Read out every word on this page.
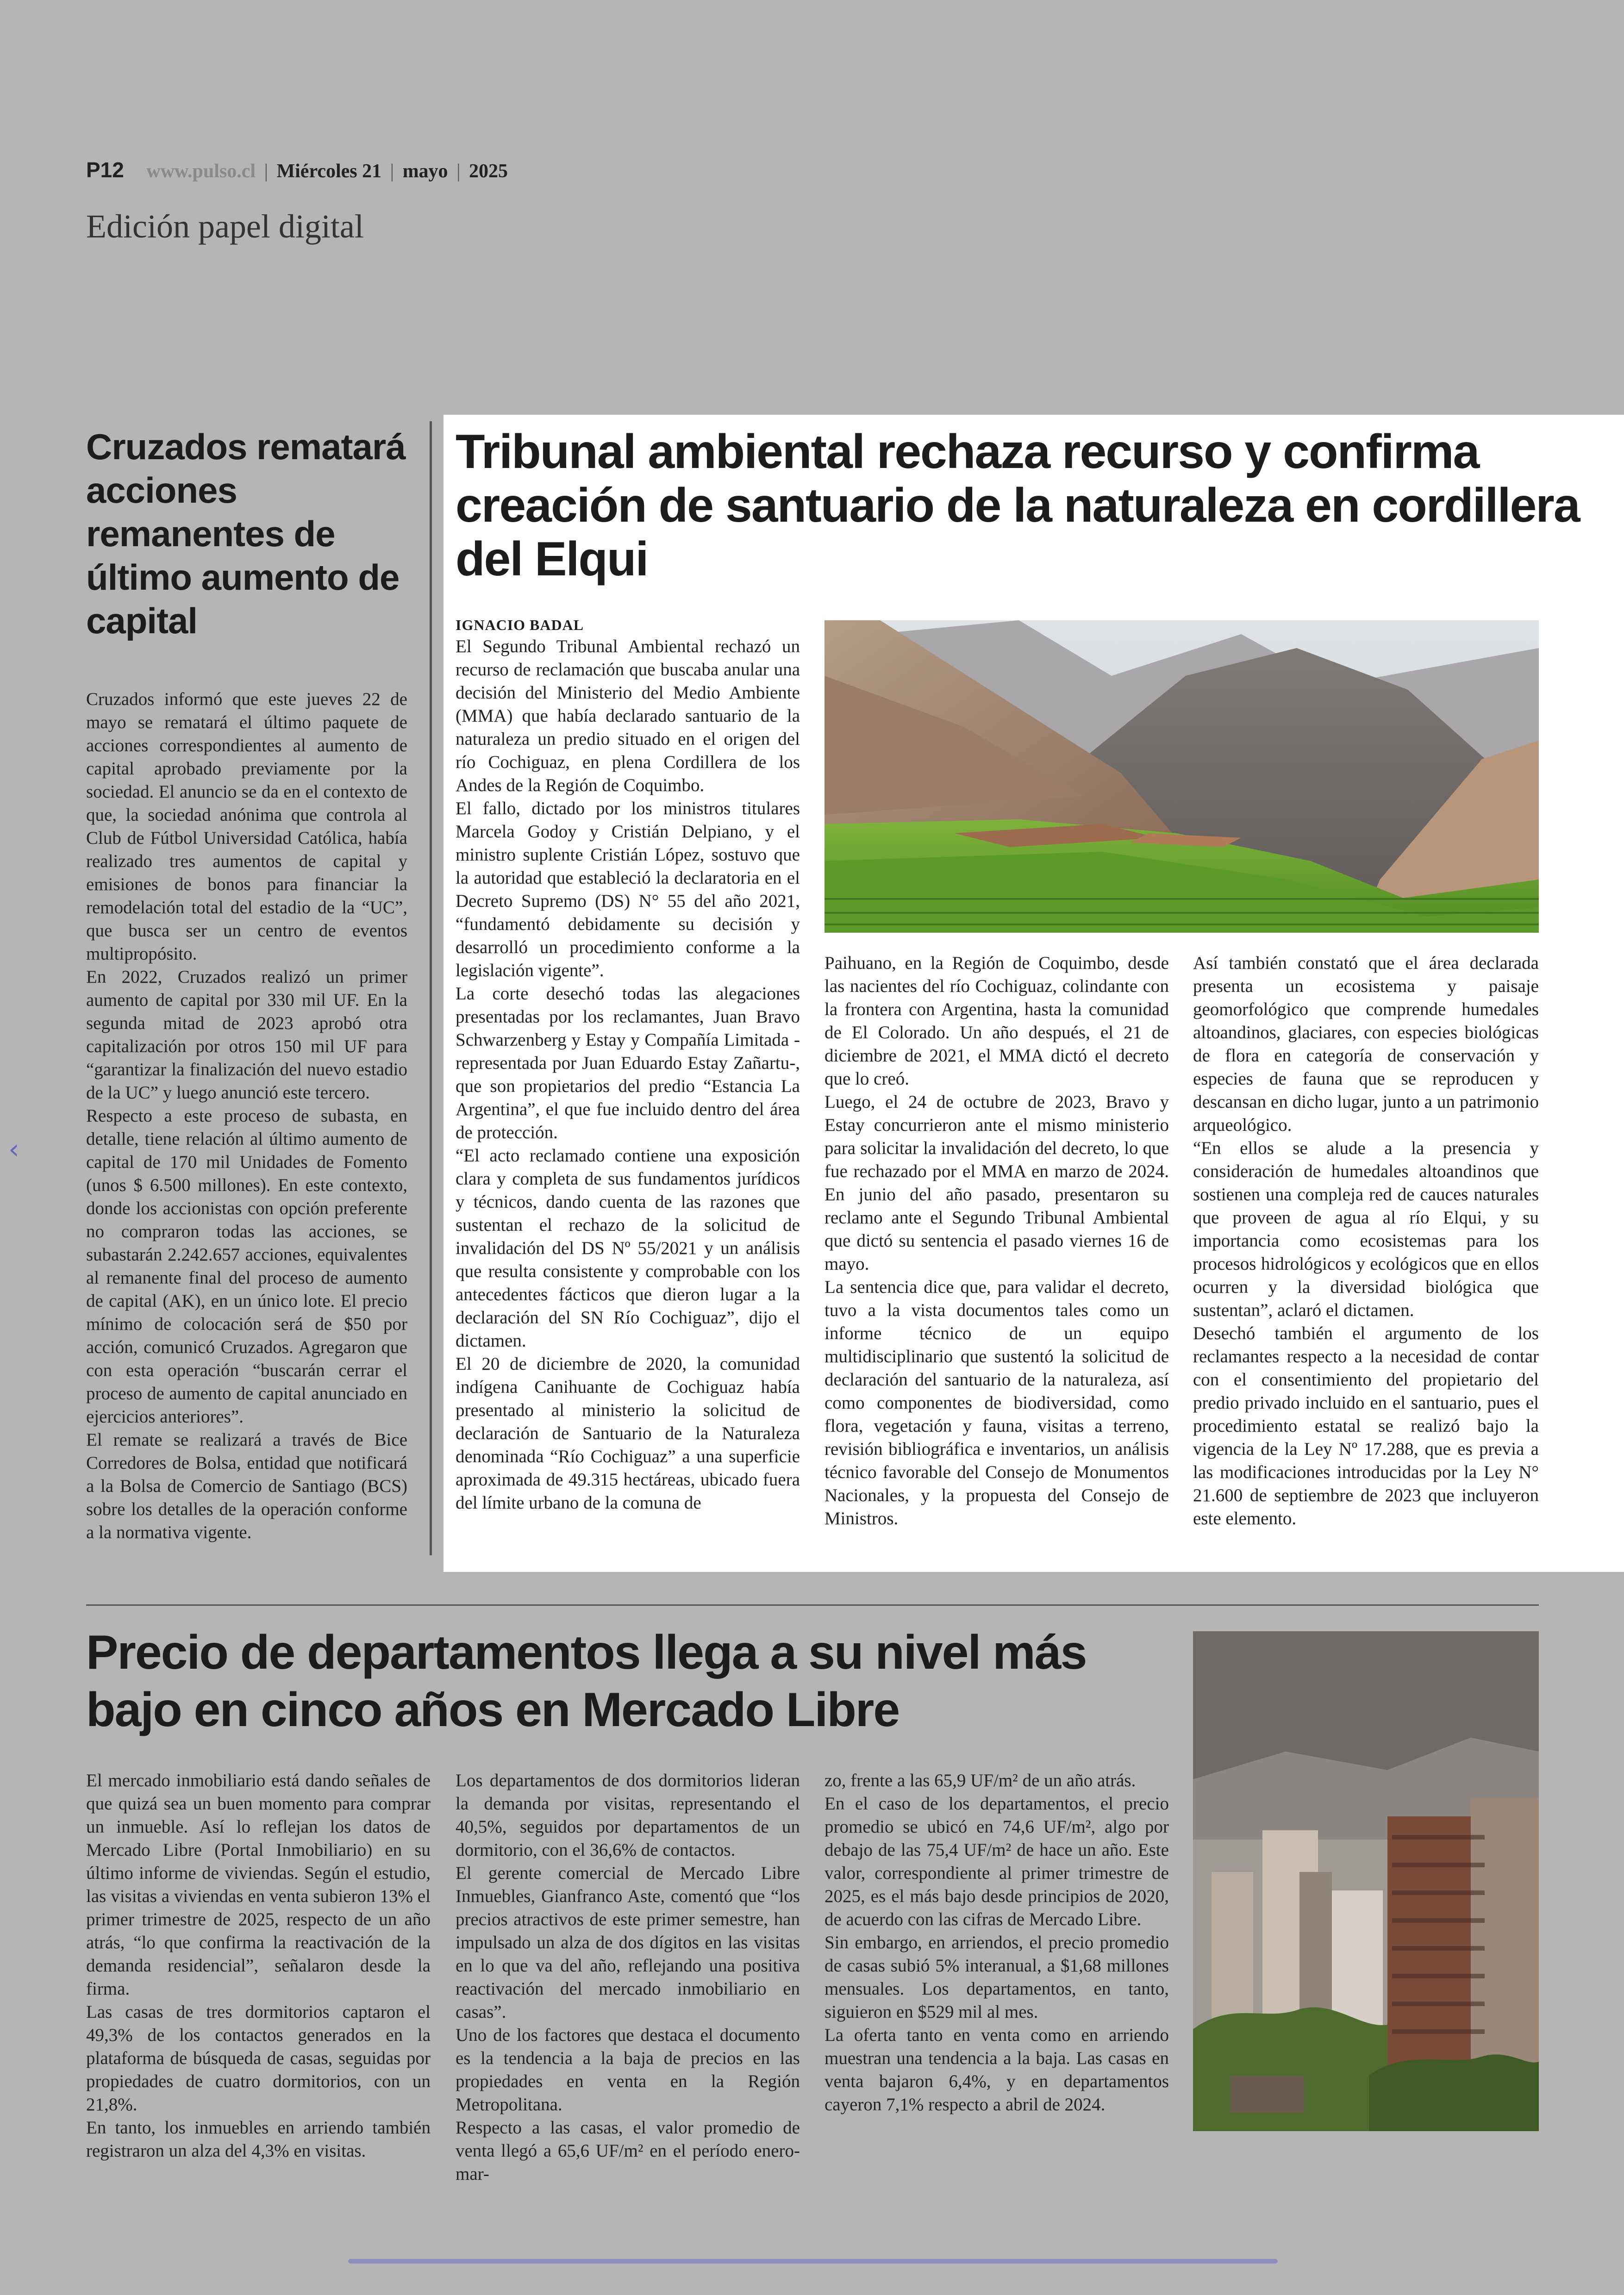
P12 www.pulso.cl | Miércoles 21 | mayo | 2025
Edición papel digital
Cruzados rematará acciones remanentes de último aumento de capital

Cruzados informó que este jueves 22 de mayo se rematará el último paquete de acciones correspondientes al aumento de capital aprobado previamente por la sociedad. El anuncio se da en el contexto de que, la sociedad anónima que controla al Club de Fútbol Universidad Católica, había realizado tres aumentos de capital y emisiones de bonos para financiar la remodelación total del estadio de la “UC”, que busca ser un centro de eventos multipropósito.

En 2022, Cruzados realizó un primer aumento de capital por 330 mil UF. En la segunda mitad de 2023 aprobó otra capitalización por otros 150 mil UF para “garantizar la finalización del nuevo estadio de la UC” y luego anunció este tercero.

Respecto a este proceso de subasta, en detalle, tiene relación al último aumento de capital de 170 mil Unidades de Fomento (unos $ 6.500 millones). En este contexto, donde los accionistas con opción preferente no compraron todas las acciones, se subastarán 2.242.657 acciones, equivalentes al remanente final del proceso de aumento de capital (AK), en un único lote. El precio mínimo de colocación será de $50 por acción, comunicó Cruzados. Agregaron que con esta operación “buscarán cerrar el proceso de aumento de capital anunciado en ejercicios anteriores”.

El remate se realizará a través de Bice Corredores de Bolsa, entidad que notificará a la Bolsa de Comercio de Santiago (BCS) sobre los detalles de la operación conforme a la normativa vigente.

Tribunal ambiental rechaza recurso y confirma creación de santuario de la naturaleza en cordillera del Elqui
IGNACIO BADAL

El Segundo Tribunal Ambiental rechazó un recurso de reclamación que buscaba anular una decisión del Ministerio del Medio Ambiente (MMA) que había declarado santuario de la naturaleza un predio situado en el origen del río Cochiguaz, en plena Cordillera de los Andes de la Región de Coquimbo.

El fallo, dictado por los ministros titulares Marcela Godoy y Cristián Delpiano, y el ministro suplente Cristián López, sostuvo que la autoridad que estableció la declaratoria en el Decreto Supremo (DS) N° 55 del año 2021, “fundamentó debidamente su decisión y desarrolló un procedimiento conforme a la legislación vigente”.

La corte desechó todas las alegaciones presentadas por los reclamantes, Juan Bravo Schwarzenberg y Estay y Compañía Limitada -representada por Juan Eduardo Estay Zañartu-, que son propietarios del predio “Estancia La Argentina”, el que fue incluido dentro del área de protección.

“El acto reclamado contiene una exposición clara y completa de sus fundamentos jurídicos y técnicos, dando cuenta de las razones que sustentan el rechazo de la solicitud de invalidación del DS Nº 55/2021 y un análisis que resulta consistente y comprobable con los antecedentes fácticos que dieron lugar a la declaración del SN Río Cochiguaz”, dijo el dictamen.

El 20 de diciembre de 2020, la comunidad indígena Canihuante de Cochiguaz había presentado al ministerio la solicitud de declaración de Santuario de la Naturaleza denominada “Río Cochiguaz” a una superficie aproximada de 49.315 hectáreas, ubicado fuera del límite urbano de la comuna de

Paihuano, en la Región de Coquimbo, desde las nacientes del río Cochiguaz, colindante con la frontera con Argentina, hasta la comunidad de El Colorado. Un año después, el 21 de diciembre de 2021, el MMA dictó el decreto que lo creó.

Luego, el 24 de octubre de 2023, Bravo y Estay concurrieron ante el mismo ministerio para solicitar la invalidación del decreto, lo que fue rechazado por el MMA en marzo de 2024. En junio del año pasado, presentaron su reclamo ante el Segundo Tribunal Ambiental que dictó su sentencia el pasado viernes 16 de mayo.

La sentencia dice que, para validar el decreto, tuvo a la vista documentos tales como un informe técnico de un equipo multidisciplinario que sustentó la solicitud de declaración del santuario de la naturaleza, así como componentes de biodiversidad, como flora, vegetación y fauna, visitas a terreno, revisión bibliográfica e inventarios, un análisis técnico favorable del Consejo de Monumentos Nacionales, y la propuesta del Consejo de Ministros.

Así también constató que el área declarada presenta un ecosistema y paisaje geomorfológico que comprende humedales altoandinos, glaciares, con especies biológicas de flora en categoría de conservación y especies de fauna que se reproducen y descansan en dicho lugar, junto a un patrimonio arqueológico.

“En ellos se alude a la presencia y consideración de humedales altoandinos que sostienen una compleja red de cauces naturales que proveen de agua al río Elqui, y su importancia como ecosistemas para los procesos hidrológicos y ecológicos que en ellos ocurren y la diversidad biológica que sustentan”, aclaró el dictamen.

Desechó también el argumento de los reclamantes respecto a la necesidad de contar con el consentimiento del propietario del predio privado incluido en el santuario, pues el procedimiento estatal se realizó bajo la vigencia de la Ley Nº 17.288, que es previa a las modificaciones introducidas por la Ley N° 21.600 de septiembre de 2023 que incluyeron este elemento.

Precio de departamentos llega a su nivel más bajo en cinco años en Mercado Libre

El mercado inmobiliario está dando señales de que quizá sea un buen momento para comprar un inmueble. Así lo reflejan los datos de Mercado Libre (Portal Inmobiliario) en su último informe de viviendas. Según el estudio, las visitas a viviendas en venta subieron 13% el primer trimestre de 2025, respecto de un año atrás, “lo que confirma la reactivación de la demanda residencial”, señalaron desde la firma.

Las casas de tres dormitorios captaron el 49,3% de los contactos generados en la plataforma de búsqueda de casas, seguidas por propiedades de cuatro dormitorios, con un 21,8%.

En tanto, los inmuebles en arriendo también registraron un alza del 4,3% en visitas.

Los departamentos de dos dormitorios lideran la demanda por visitas, representando el 40,5%, seguidos por departamentos de un dormitorio, con el 36,6% de contactos.

El gerente comercial de Mercado Libre Inmuebles, Gianfranco Aste, comentó que “los precios atractivos de este primer semestre, han impulsado un alza de dos dígitos en las visitas en lo que va del año, reflejando una positiva reactivación del mercado inmobiliario en casas”.

Uno de los factores que destaca el documento es la tendencia a la baja de precios en las propiedades en venta en la Región Metropolitana.

Respecto a las casas, el valor promedio de venta llegó a 65,6 UF/m² en el período enero-mar-

zo, frente a las 65,9 UF/m² de un año atrás.

En el caso de los departamentos, el precio promedio se ubicó en 74,6 UF/m², algo por debajo de las 75,4 UF/m² de hace un año. Este valor, correspondiente al primer trimestre de 2025, es el más bajo desde principios de 2020, de acuerdo con las cifras de Mercado Libre.

Sin embargo, en arriendos, el precio promedio de casas subió 5% interanual, a $1,68 millones mensuales. Los departamentos, en tanto, siguieron en $529 mil al mes.

La oferta tanto en venta como en arriendo muestran una tendencia a la baja. Las casas en venta bajaron 6,4%, y en departamentos cayeron 7,1% respecto a abril de 2024.

‹
